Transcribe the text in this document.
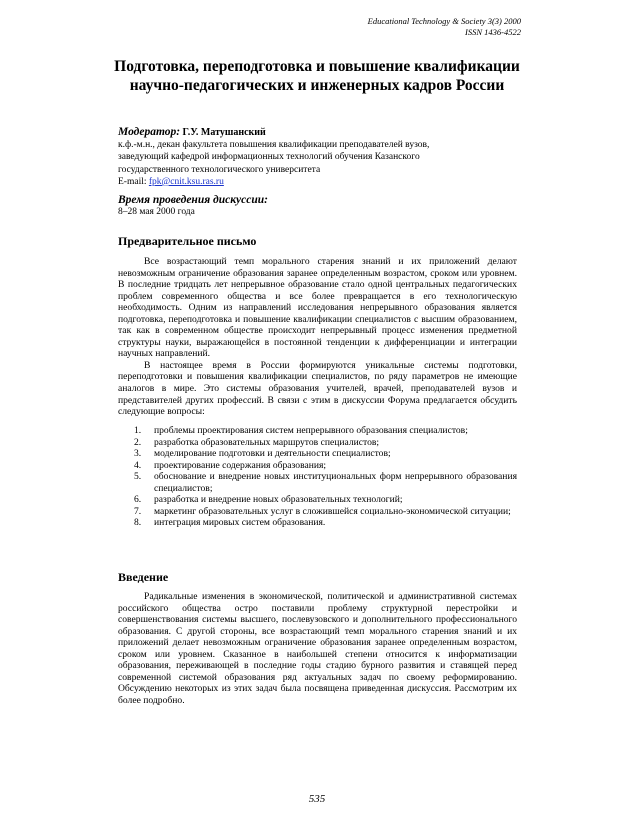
Educational Technology & Society 3(3) 2000
ISSN 1436-4522
Подготовка, переподготовка и повышение квалификации научно-педагогических и инженерных кадров России
Модератор: Г.У. Матушанский
к.ф.-м.н., декан факультета повышения квалификации преподавателей вузов,
заведующий кафедрой информационных технологий обучения Казанского
государственного технологического университета
E-mail: fpk@cnit.ksu.ras.ru
Время проведения дискуссии:
8–28 мая 2000 года
Предварительное письмо

Все возрастающий темп морального старения знаний и их приложений делают невозможным ограничение образования заранее определенным возрастом, сроком или уровнем. В последние тридцать лет непрерывное образование стало одной центральных педагогических проблем современного общества и все более превращается в его технологическую необходимость. Одним из направлений исследования непрерывного образования является подготовка, переподготовка и повышение квалификации специалистов с высшим образованием, так как в современном обществе происходит непрерывный процесс изменения предметной структуры науки, выражающейся в постоянной тенденции к дифференциации и интеграции научных направлений.

В настоящее время в России формируются уникальные системы подготовки, переподготовки и повышения квалификации специалистов, по ряду параметров не имеющие аналогов в мире. Это системы образования учителей, врачей, преподавателей вузов и представителей других профессий. В связи с этим в дискуссии Форума предлагается обсудить следующие вопросы:

1. проблемы проектирования систем непрерывного образования специалистов;
2. разработка образовательных маршрутов специалистов;
3. моделирование подготовки и деятельности специалистов;
4. проектирование содержания образования;
5. обоснование и внедрение новых институциональных форм непрерывного образования специалистов;
6. разработка и внедрение новых образовательных технологий;
7. маркетинг образовательных услуг в сложившейся социально-экономической ситуации;
8. интеграция мировых систем образования.
Введение

Радикальные изменения в экономической, политической и административной системах российского общества остро поставили проблему структурной перестройки и совершенствования системы высшего, послевузовского и дополнительного профессионального образования. С другой стороны, все возрастающий темп морального старения знаний и их приложений делает невозможным ограничение образования заранее определенным возрастом, сроком или уровнем. Сказанное в наибольшей степени относится к информатизации образования, переживающей в последние годы стадию бурного развития и ставящей перед современной системой образования ряд актуальных задач по своему реформированию. Обсуждению некоторых из этих задач была посвящена приведенная дискуссия. Рассмотрим их более подробно.

535
